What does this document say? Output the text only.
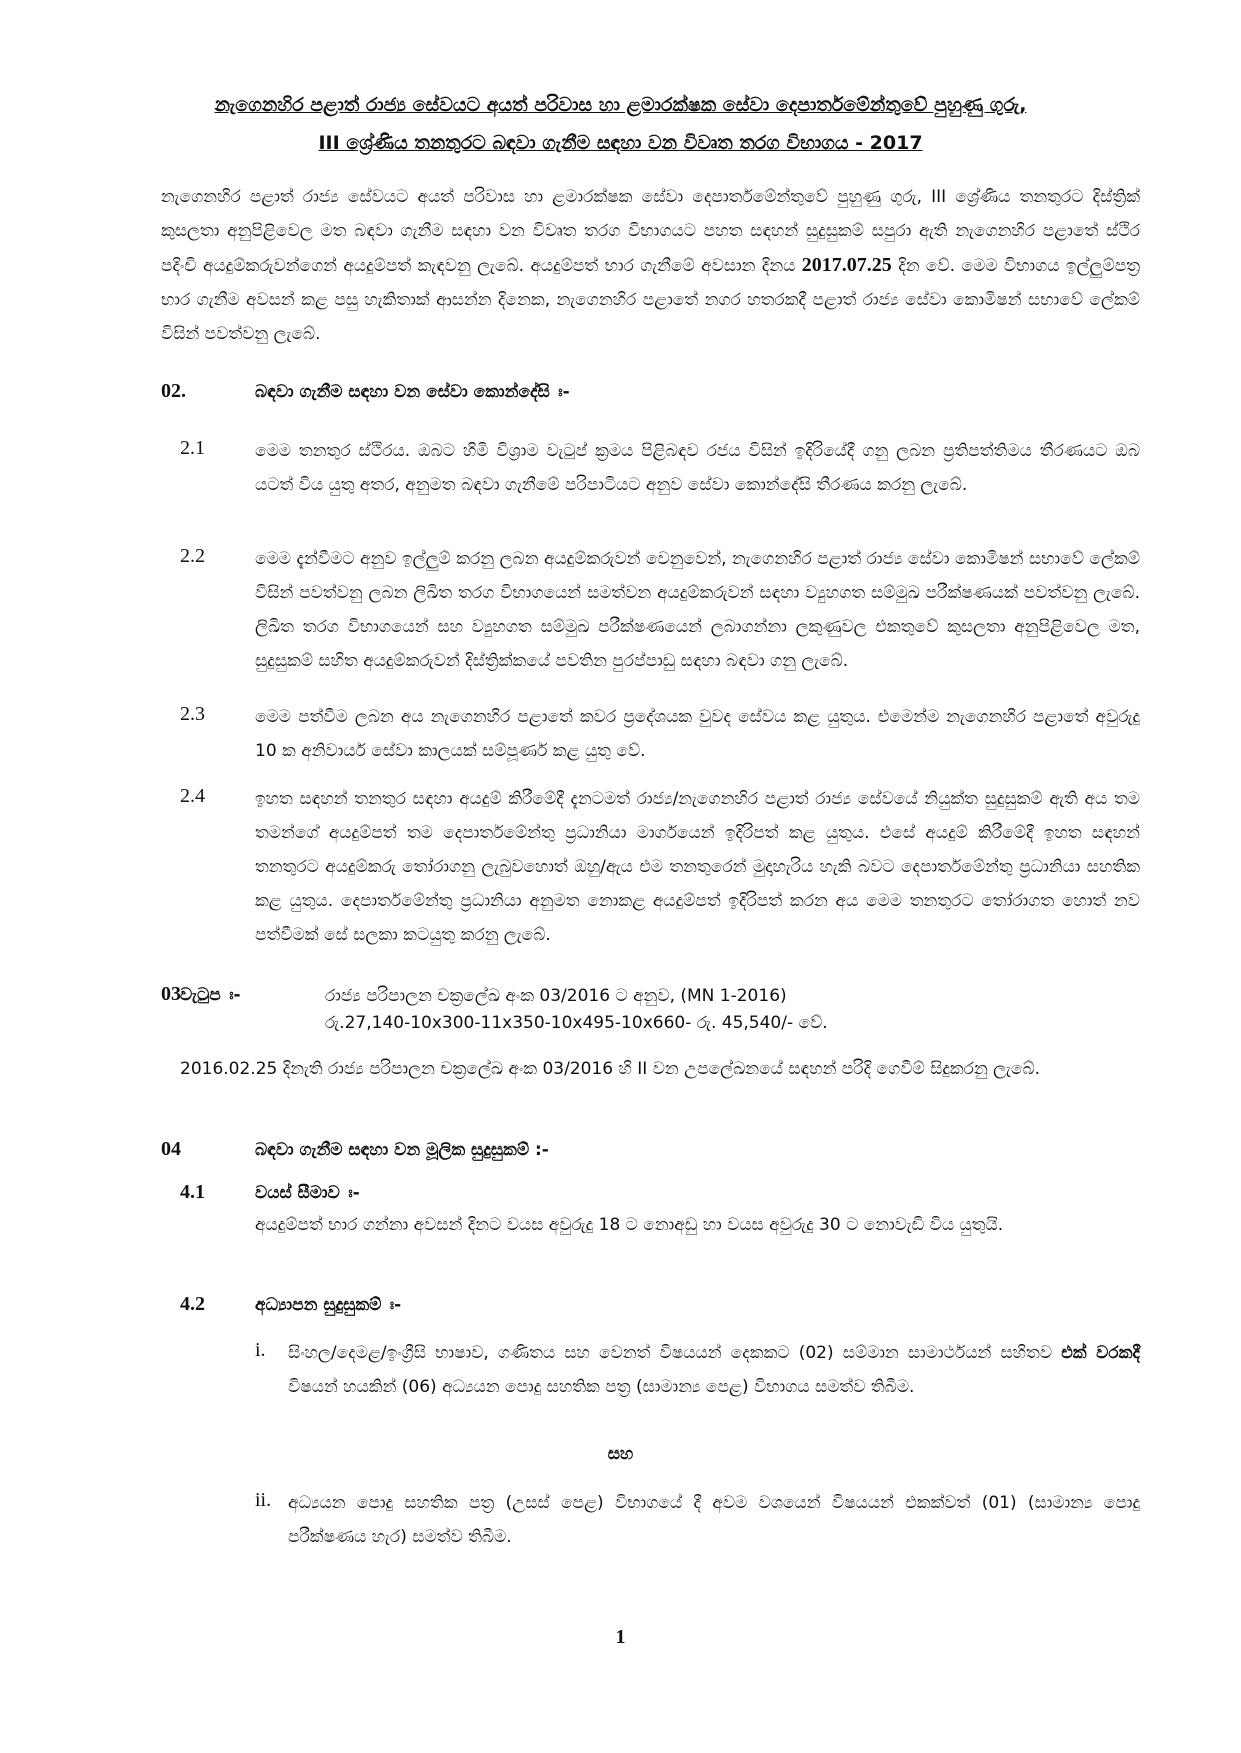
නැගෙනහිර පළාත් රාජ්‍ය සේවයට අයත් පරිවාස හා ළමාරක්ෂක සේවා දෙපාර්තමේන්තුවේ පුහුණු ගුරු,
III ශ්‍රේණිය තනතුරට බඳවා ගැනීම සඳහා වන විවෘත තරග විභාගය - 2017
නැගෙනහිර පළාත් රාජ්‍ය සේවයට අයත් පරිවාස හා ළමාරක්ෂක සේවා දෙපාර්තමේන්තුවේ පුහුණු ගුරු, III ශ්‍රේණිය තනතුරට දිස්ත්‍රික් කුසලතා අනුපිළිවෙල මත බඳවා ගැනීම සඳහා වන විවෘත තරග විභාගයට පහත සඳහන් සුදුසුකම් සපුරා ඇති නැගෙනහිර පළාතේ ස්ථිර පදිංචි අයදුම්කරුවන්ගෙන් අයදුම්පත් කැඳවනු ලැබේ. අයදුම්පත් භාර ගැනීමේ අවසාන දිනය 2017.07.25 දින වේ. මෙම විභාගය ඉල්ලුම්පත්‍ර භාර ගැනීම අවසන් කළ පසු හැකිතාක් ආසන්න දිනෙක, නැගෙනහිර පළාතේ නගර හතරකදී පළාත් රාජ්‍ය සේවා කොමිෂන් සභාවේ ලේකම් විසින් පවත්වනු ලැබේ.
02.	බඳවා ගැනීම සඳහා වන සේවා කොන්දේසි ඃ-
2.1	මෙම තනතුර ස්ථිරය. ඔබට හිමි විශ්‍රාම වැටුප් ක්‍රමය පිළිබඳව රජය විසින් ඉදිරියේදී ගනු ලබන ප්‍රතිපත්තිමය තීරණයට ඔබ යටත් විය යුතු අතර, අනුමත බඳවා ගැනීමේ පරිපාටියට අනුව සේවා කොන්දේසි තීරණය කරනු ලැබේ.
2.2	මෙම දැන්වීමට අනුව ඉල්ලුම් කරනු ලබන අයදුම්කරුවන් වෙනුවෙන්, නැගෙනහිර පළාත් රාජ්‍ය සේවා කොමිෂන් සභාවේ ලේකම් විසින් පවත්වනු ලබන ලිඛිත තරග විභාගයෙන් සමත්වන අයදුම්කරුවන් සඳහා ව්‍යුහගත සම්මුඛ පරීක්ෂණයක් පවත්වනු ලැබේ. ලිඛිත තරග විභාගයෙන් සහ ව්‍යුහගත සම්මුඛ පරීක්ෂණයෙන් ලබාගන්නා ලකුණුවල එකතුවේ කුසලතා අනුපිළිවෙල මත, සුදුසුකම් සහිත අයදුම්කරුවන් දිස්ත්‍රික්කයේ පවතින පුරප්පාඩු සඳහා බඳවා ගනු ලැබේ.
2.3	මෙම පත්වීම ලබන අය නැගෙනහිර පළාතේ කවර ප්‍රදේශයක වුවද සේවය කළ යුතුය. එමෙන්ම නැගෙනහිර පළාතේ අවුරුදු 10 ක අනිවාර්ය සේවා කාලයක් සම්පූර්ණ කළ යුතු වේ.
2.4	ඉහත සඳහන් තනතුර සඳහා අයදුම් කිරීමේදී දැනටමත් රාජ්‍ය/නැගෙනහිර පළාත් රාජ්‍ය සේවයේ නියුක්ත සුදුසුකම් ඇති අය තම තමන්ගේ අයදුම්පත් තම දෙපාර්තමේන්තු ප්‍රධානියා මාර්ගයෙන් ඉදිරිපත් කළ යුතුය. එසේ අයදුම් කිරීමේදී ඉහත සඳහන් තනතුරට අයදුම්කරු තෝරාගනු ලැබුවහොත් ඔහු/ඇය එම තනතුරෙන් මුදාහැරිය හැකි බවට දෙපාර්තමේන්තු ප්‍රධානියා සහතික කළ යුතුය. දෙපාර්තමේන්තු ප්‍රධානියා අනුමත නොකළ අයදුම්පත් ඉදිරිපත් කරන අය මෙම තනතුරට තෝරාගත හොත් නව පත්වීමක් සේ සලකා කටයුතු කරනු ලැබේ.
03 වැටුප ඃ-	රාජ්‍ය පරිපාලන චක්‍රලේඛ අංක 03/2016 ට අනුව, (MN 1-2016)
රු.27,140-10x300-11x350-10x495-10x660- රු. 45,540/- වේ.
2016.02.25 දිනැති රාජ්‍ය පරිපාලන චක්‍රලේඛ අංක 03/2016 හි II වන උපලේඛනයේ සඳහන් පරිදි ගෙවීම් සිදුකරනු ලැබේ.
04	බඳවා ගැනීම සඳහා වන මූලික සුදුසුකම් :-
4.1	වයස් සීමාව ඃ-
අයදුම්පත් භාර ගන්නා අවසන් දිනට වයස අවුරුදු 18 ට නොඅඩු හා වයස අවුරුදු 30 ට නොවැඩි විය යුතුයි.
4.2	අධ්‍යාපන සුදුසුකම් ඃ-
i. සිංහල/දෙමළ/ඉංග්‍රීසි භාෂාව, ගණිතය සහ වෙනත් විෂයයන් දෙකකට (02) සම්මාන සාමාර්ථයන් සහිතව එක් වරකදී විෂයන් හයකින් (06) අධ්‍යයන පොදු සහතික පත්‍ර (සාමාන්‍ය පෙළ) විභාගය සමත්ව තිබීම.
සහ
ii. අධ්‍යයන පොදු සහතික පත්‍ර (උසස් පෙළ) විභාගයේ දී අවම වශයෙන් විෂයයන් එකක්වත් (01) (සාමාන්‍ය පොදු පරීක්ෂණය හැර) සමත්ව තිබීම.
1
